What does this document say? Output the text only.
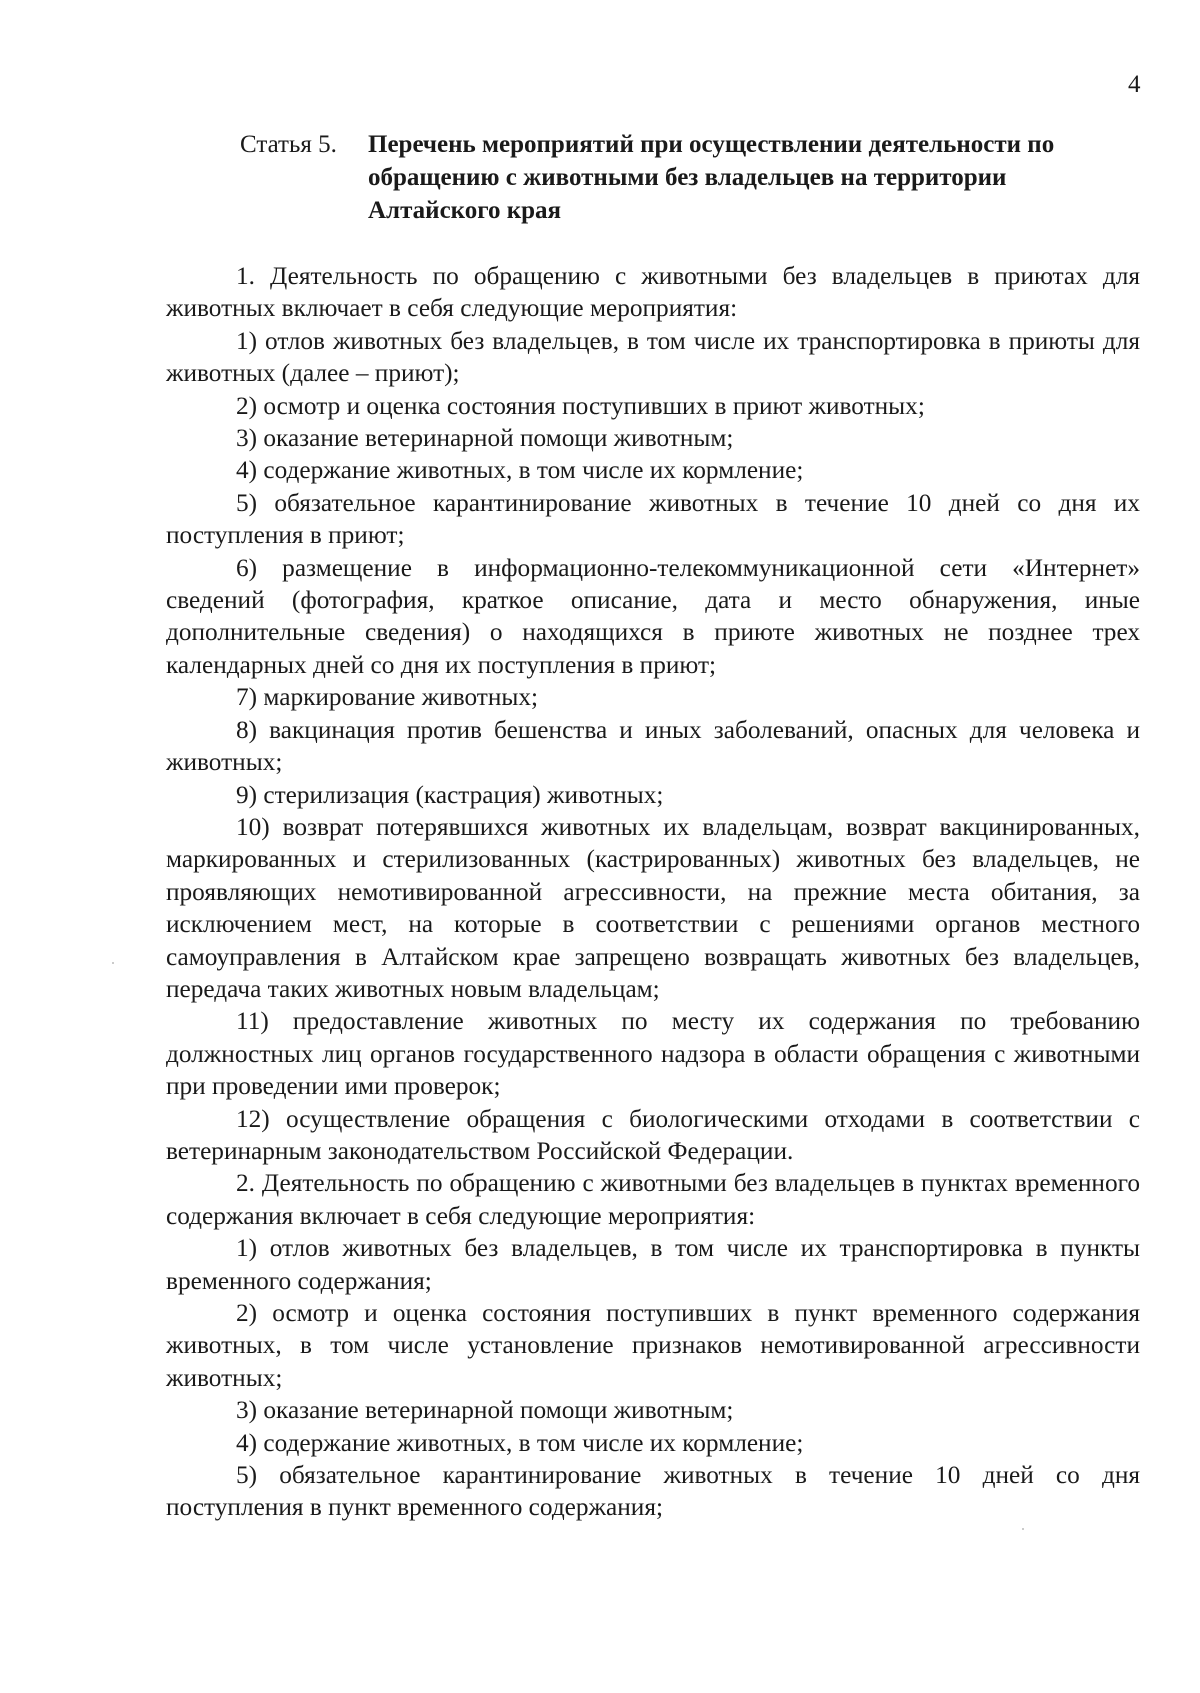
4
Статья 5.	Перечень мероприятий при осуществлении деятельности по
обращению с животными без владельцев на территории
Алтайского края

1. Деятельность по обращению с животными без владельцев в приютах для животных включает в себя следующие мероприятия:

1) отлов животных без владельцев, в том числе их транспортировка в приюты для животных (далее – приют);

2) осмотр и оценка состояния поступивших в приют животных;

3) оказание ветеринарной помощи животным;

4) содержание животных, в том числе их кормление;

5) обязательное карантинирование животных в течение 10 дней со дня их поступления в приют;

6) размещение в информационно-телекоммуникационной сети «Интернет» сведений (фотография, краткое описание, дата и место обнаружения, иные дополнительные сведения) о находящихся в приюте животных не позднее трех календарных дней со дня их поступления в приют;

7) маркирование животных;

8) вакцинация против бешенства и иных заболеваний, опасных для человека и животных;

9) стерилизация (кастрация) животных;

10) возврат потерявшихся животных их владельцам, возврат вакцинированных, маркированных и стерилизованных (кастрированных) животных без владельцев, не проявляющих немотивированной агрессивности, на прежние места обитания, за исключением мест, на которые в соответствии с решениями органов местного самоуправления в Алтайском крае запрещено возвращать животных без владельцев, передача таких животных новым владельцам;

11) предоставление животных по месту их содержания по требованию должностных лиц органов государственного надзора в области обращения с животными при проведении ими проверок;

12) осуществление обращения с биологическими отходами в соответствии с ветеринарным законодательством Российской Федерации.

2. Деятельность по обращению с животными без владельцев в пунктах временного содержания включает в себя следующие мероприятия:

1) отлов животных без владельцев, в том числе их транспортировка в пункты временного содержания;

2) осмотр и оценка состояния поступивших в пункт временного содержания животных, в том числе установление признаков немотивированной агрессивности животных;

3) оказание ветеринарной помощи животным;

4) содержание животных, в том числе их кормление;

5) обязательное карантинирование животных в течение 10 дней со дня поступления в пункт временного содержания;
